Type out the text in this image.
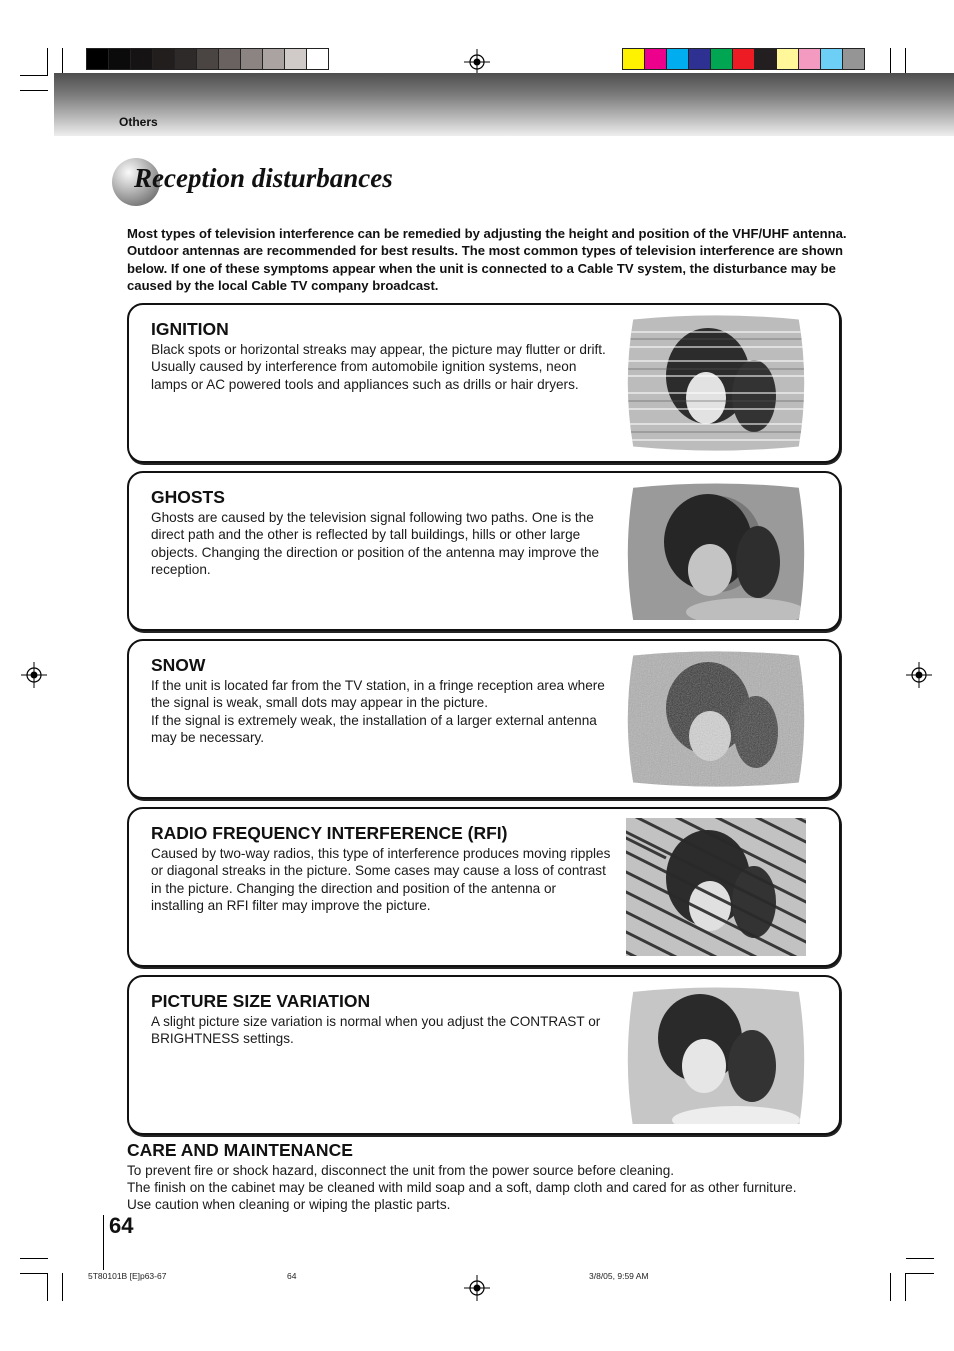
Others
Reception disturbances
Most types of television interference can be remedied by adjusting the height and position of the VHF/UHF antenna. Outdoor antennas are recommended for best results. The most common types of television interference are shown below. If one of these symptoms appear when the unit is connected to a Cable TV system, the disturbance may be caused by the local Cable TV company broadcast.
IGNITION
Black spots or horizontal streaks may appear, the picture may flutter or drift. Usually caused by interference from automobile ignition systems, neon lamps or AC powered tools and appliances such as drills or hair dryers.
GHOSTS
Ghosts are caused by the television signal following two paths. One is the direct path and the other is reflected by tall buildings, hills or other large objects. Changing the direction or position of the antenna may improve the reception.
SNOW
If the unit is located far from the TV station, in a fringe reception area where the signal is weak, small dots may appear in the picture.
If the signal is extremely weak, the installation of a larger external antenna may be necessary.
RADIO FREQUENCY INTERFERENCE (RFI)
Caused by two-way radios, this type of interference produces moving ripples or diagonal streaks in the picture. Some cases may cause a loss of contrast in the picture. Changing the direction and position of the antenna or installing an RFI filter may improve the picture.
PICTURE SIZE VARIATION
A slight picture size variation is normal when you adjust the CONTRAST or BRIGHTNESS settings.
CARE AND MAINTENANCE
To prevent fire or shock hazard, disconnect the unit from the power source before cleaning.
The finish on the cabinet may be cleaned with mild soap and a soft, damp cloth and cared for as other furniture.
Use caution when cleaning or wiping the plastic parts.
64
5T80101B [E]p63-67	64	3/8/05, 9:59 AM
